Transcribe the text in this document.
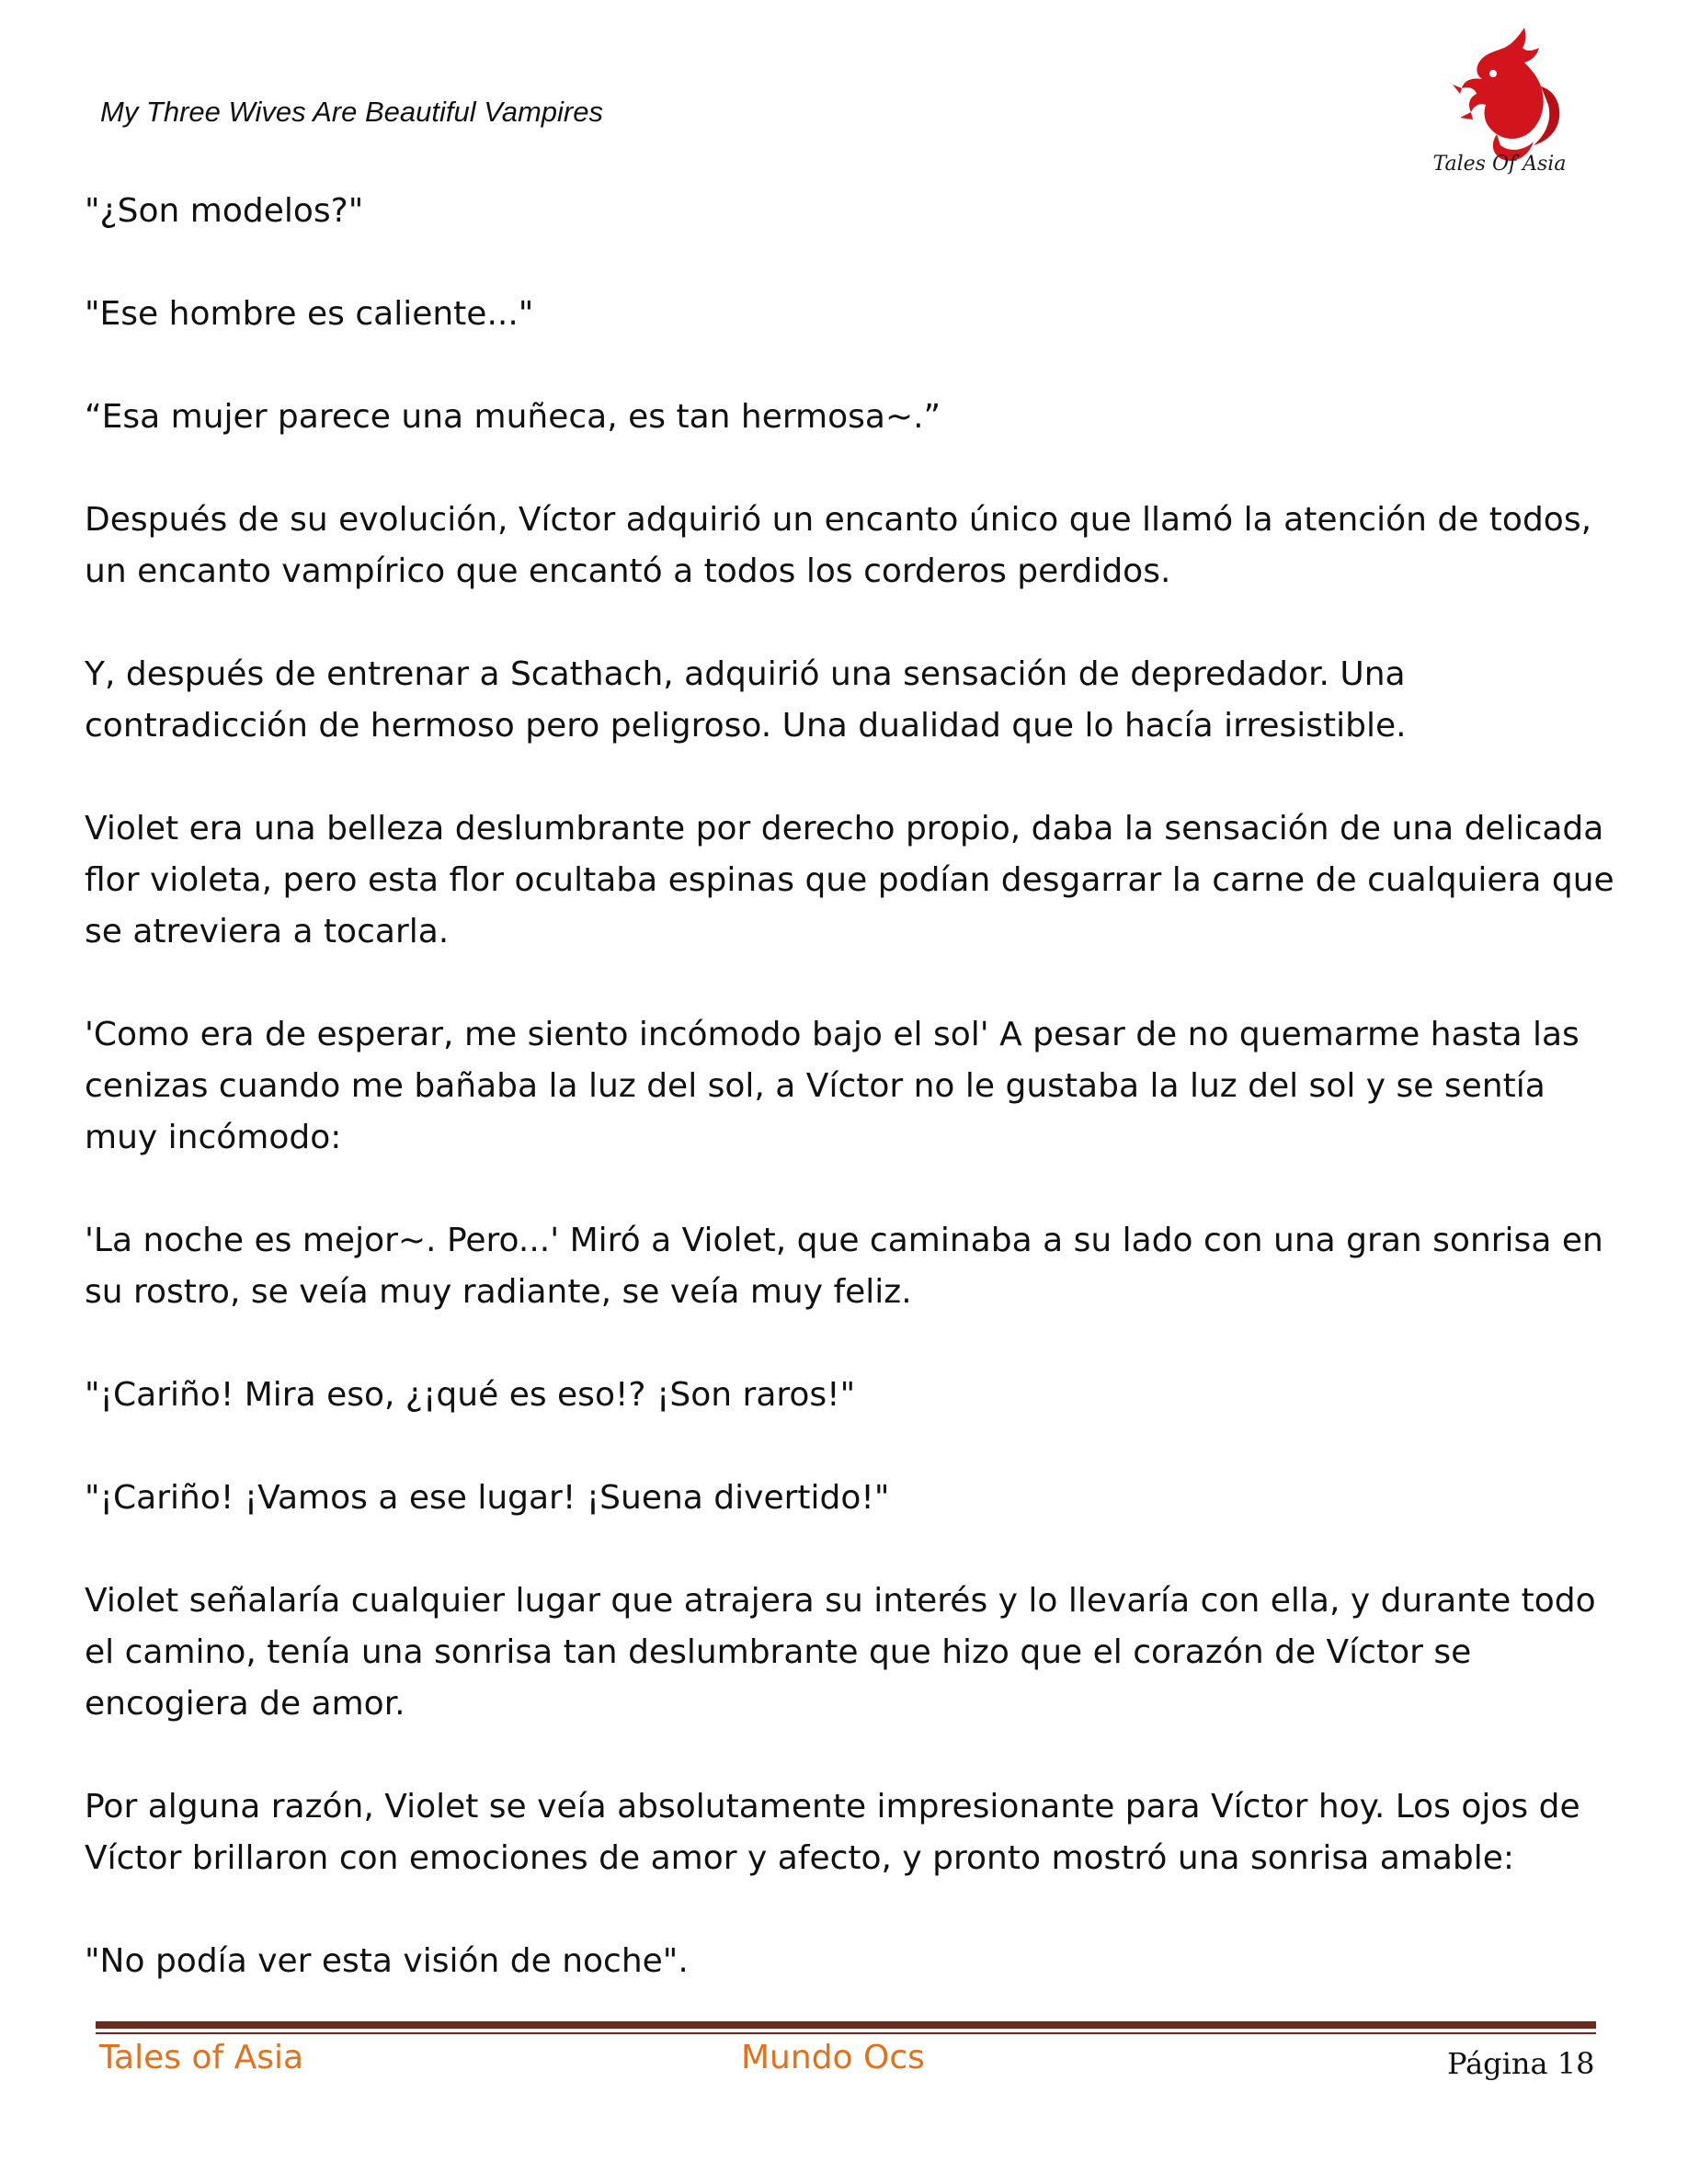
My Three Wives Are Beautiful Vampires
Tales Of Asia

"¿Son modelos?"

"Ese hombre es caliente..."

“Esa mujer parece una muñeca, es tan hermosa~.”

Después de su evolución, Víctor adquirió un encanto único que llamó la atención de todos, un encanto vampírico que encantó a todos los corderos perdidos.

Y, después de entrenar a Scathach, adquirió una sensación de depredador. Una contradicción de hermoso pero peligroso. Una dualidad que lo hacía irresistible.

Violet era una belleza deslumbrante por derecho propio, daba la sensación de una delicada flor violeta, pero esta flor ocultaba espinas que podían desgarrar la carne de cualquiera que se atreviera a tocarla.

'Como era de esperar, me siento incómodo bajo el sol' A pesar de no quemarme hasta las cenizas cuando me bañaba la luz del sol, a Víctor no le gustaba la luz del sol y se sentía muy incómodo:

'La noche es mejor~. Pero...' Miró a Violet, que caminaba a su lado con una gran sonrisa en su rostro, se veía muy radiante, se veía muy feliz.

"¡Cariño! Mira eso, ¿¡qué es eso!? ¡Son raros!"

"¡Cariño! ¡Vamos a ese lugar! ¡Suena divertido!"

Violet señalaría cualquier lugar que atrajera su interés y lo llevaría con ella, y durante todo el camino, tenía una sonrisa tan deslumbrante que hizo que el corazón de Víctor se encogiera de amor.

Por alguna razón, Violet se veía absolutamente impresionante para Víctor hoy. Los ojos de Víctor brillaron con emociones de amor y afecto, y pronto mostró una sonrisa amable:

"No podía ver esta visión de noche".

Tales of Asia	Mundo Ocs	Página 18
